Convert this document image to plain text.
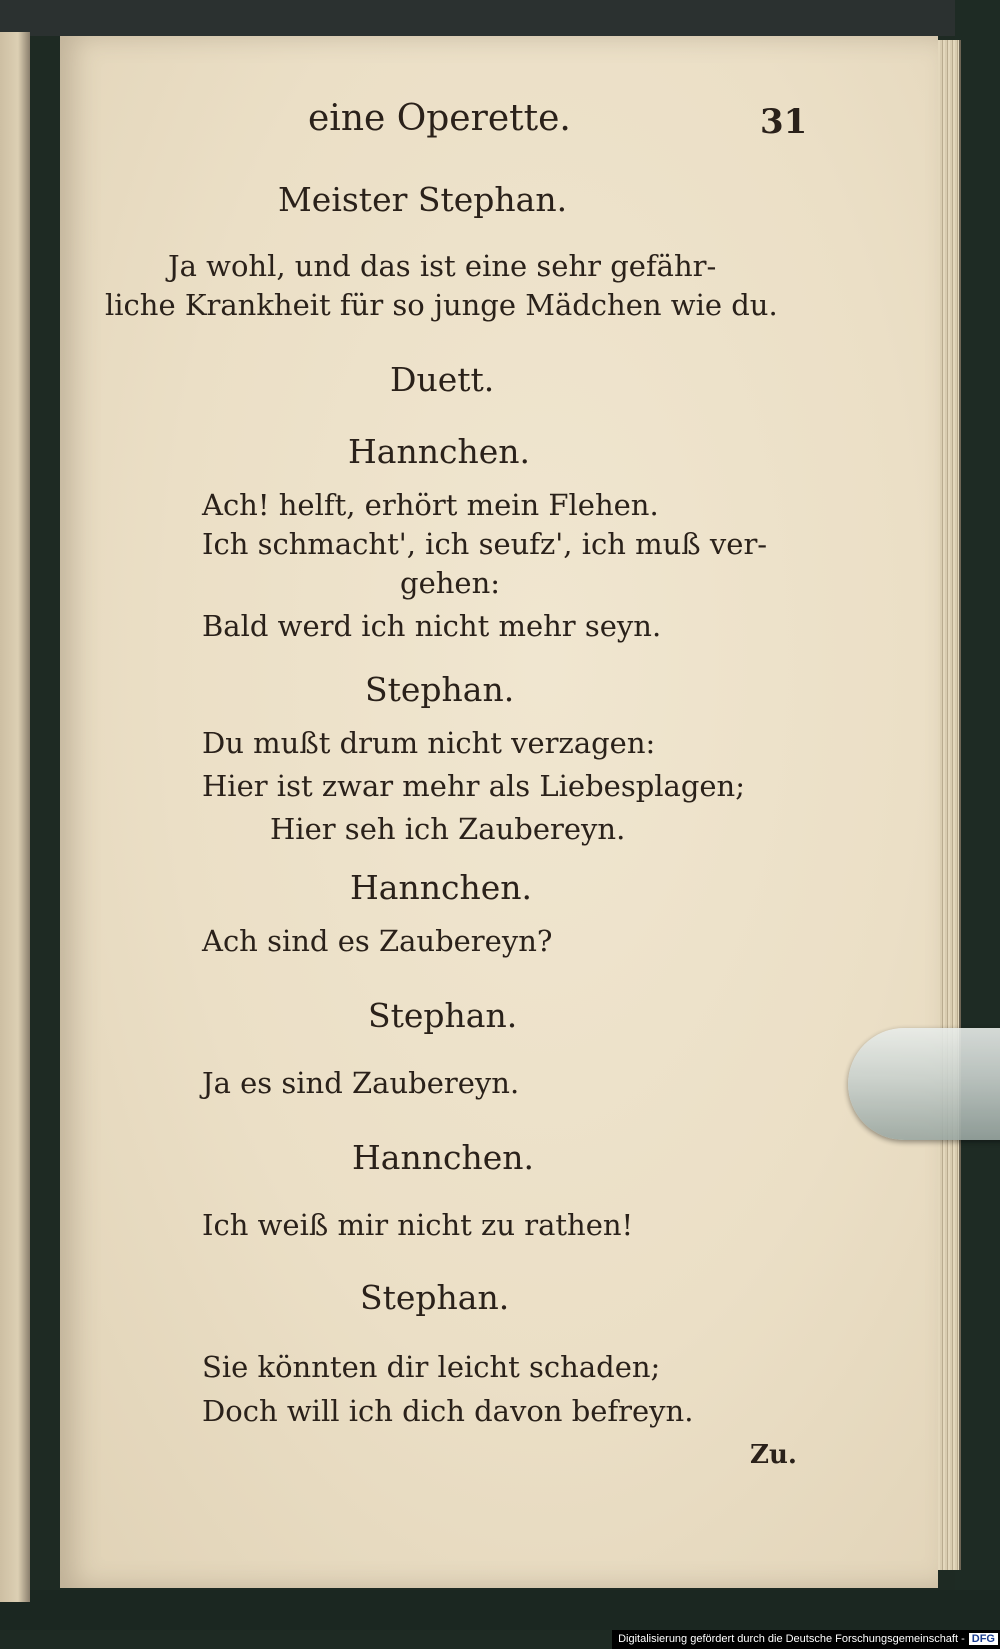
eine Operette.	31
Meister Stephan.
Ja wohl, und das ist eine sehr gefähr-
liche Krankheit für so junge Mädchen wie du.
Duett.
Hannchen.
Ach! helft, erhört mein Flehen.
Ich schmacht', ich seufz', ich muß ver-
gehen:
Bald werd ich nicht mehr seyn.
Stephan.
Du mußt drum nicht verzagen:
Hier ist zwar mehr als Liebesplagen;
Hier seh ich Zaubereyn.
Hannchen.
Ach sind es Zaubereyn?
Stephan.
Ja es sind Zaubereyn.
Hannchen.
Ich weiß mir nicht zu rathen!
Stephan.
Sie könnten dir leicht schaden;
Doch will ich dich davon befreyn.
Zu.
Digitalisierung gefördert durch die Deutsche Forschungsgemeinschaft - DFG
